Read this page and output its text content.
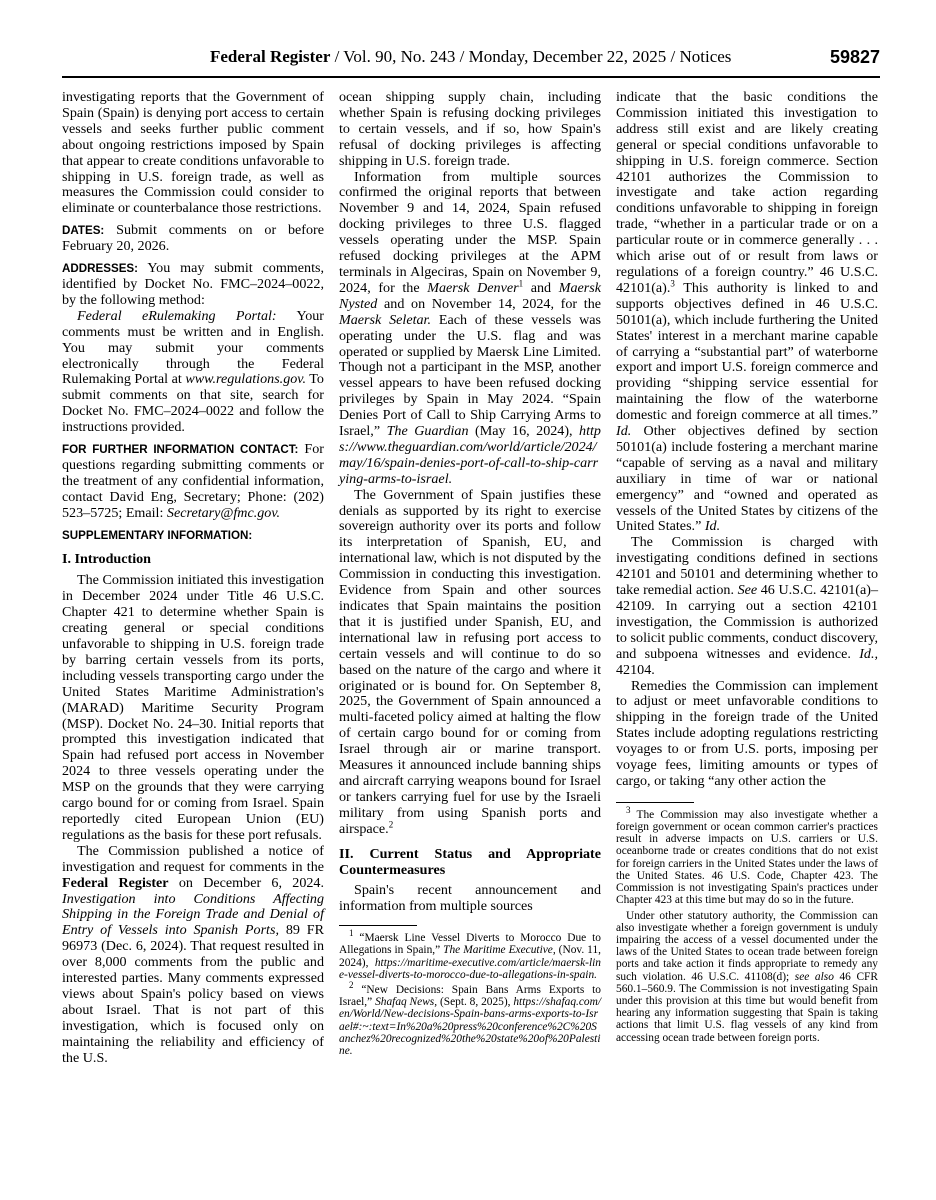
Federal Register / Vol. 90, No. 243 / Monday, December 22, 2025 / Notices	59827

investigating reports that the Government of Spain (Spain) is denying port access to certain vessels and seeks further public comment about ongoing restrictions imposed by Spain that appear to create conditions unfavorable to shipping in U.S. foreign trade, as well as measures the Commission could consider to eliminate or counterbalance those restrictions.

DATES: Submit comments on or before February 20, 2026.

ADDRESSES: You may submit comments, identified by Docket No. FMC–2024–0022, by the following method:

Federal eRulemaking Portal: Your comments must be written and in English. You may submit your comments electronically through the Federal Rulemaking Portal at www.regulations.gov. To submit comments on that site, search for Docket No. FMC–2024–0022 and follow the instructions provided.

FOR FURTHER INFORMATION CONTACT: For questions regarding submitting comments or the treatment of any confidential information, contact David Eng, Secretary; Phone: (202) 523–5725; Email: Secretary@fmc.gov.

SUPPLEMENTARY INFORMATION:

I. Introduction

The Commission initiated this investigation in December 2024 under Title 46 U.S.C. Chapter 421 to determine whether Spain is creating general or special conditions unfavorable to shipping in U.S. foreign trade by barring certain vessels from its ports, including vessels transporting cargo under the United States Maritime Administration's (MARAD) Maritime Security Program (MSP). Docket No. 24–30. Initial reports that prompted this investigation indicated that Spain had refused port access in November 2024 to three vessels operating under the MSP on the grounds that they were carrying cargo bound for or coming from Israel. Spain reportedly cited European Union (EU) regulations as the basis for these port refusals.

The Commission published a notice of investigation and request for comments in the Federal Register on December 6, 2024. Investigation into Conditions Affecting Shipping in the Foreign Trade and Denial of Entry of Vessels into Spanish Ports, 89 FR 96973 (Dec. 6, 2024). That request resulted in over 8,000 comments from the public and interested parties. Many comments expressed views about Spain's policy based on views about Israel. That is not part of this investigation, which is focused only on maintaining the reliability and efficiency of the U.S.

ocean shipping supply chain, including whether Spain is refusing docking privileges to certain vessels, and if so, how Spain's refusal of docking privileges is affecting shipping in U.S. foreign trade.

Information from multiple sources confirmed the original reports that between November 9 and 14, 2024, Spain refused docking privileges to three U.S. flagged vessels operating under the MSP. Spain refused docking privileges at the APM terminals in Algeciras, Spain on November 9, 2024, for the Maersk Denver$^1$ and Maersk Nysted and on November 14, 2024, for the Maersk Seletar. Each of these vessels was operating under the U.S. flag and was operated or supplied by Maersk Line Limited. Though not a participant in the MSP, another vessel appears to have been refused docking privileges by Spain in May 2024. “Spain Denies Port of Call to Ship Carrying Arms to Israel,” The Guardian (May 16, 2024), https://www.theguardian.com/world/article/2024/may/16/spain-denies-port-of-call-to-ship-carrying-arms-to-israel.

The Government of Spain justifies these denials as supported by its right to exercise sovereign authority over its ports and follow its interpretation of Spanish, EU, and international law, which is not disputed by the Commission in conducting this investigation. Evidence from Spain and other sources indicates that Spain maintains the position that it is justified under Spanish, EU, and international law in refusing port access to certain vessels and will continue to do so based on the nature of the cargo and where it originated or is bound for. On September 8, 2025, the Government of Spain announced a multi-faceted policy aimed at halting the flow of certain cargo bound for or coming from Israel through air or marine transport. Measures it announced include banning ships and aircraft carrying weapons bound for Israel or tankers carrying fuel for use by the Israeli military from using Spanish ports and airspace.$^2$

II. Current Status and Appropriate Countermeasures

Spain's recent announcement and information from multiple sources

$^1$ “Maersk Line Vessel Diverts to Morocco Due to Allegations in Spain,” The Maritime Executive, (Nov. 11, 2024), https://maritime-executive.com/article/maersk-line-vessel-diverts-to-morocco-due-to-allegations-in-spain.

$^2$ “New Decisions: Spain Bans Arms Exports to Israel,” Shafaq News, (Sept. 8, 2025), https://shafaq.com/en/World/New-decisions-Spain-bans-arms-exports-to-Israel#:~:text=In%20a%20press%20conference%2C%20Sanchez%20recognized%20the%20state%20of%20Palestine.

indicate that the basic conditions the Commission initiated this investigation to address still exist and are likely creating general or special conditions unfavorable to shipping in U.S. foreign commerce. Section 42101 authorizes the Commission to investigate and take action regarding conditions unfavorable to shipping in foreign trade, “whether in a particular trade or on a particular route or in commerce generally . . . which arise out of or result from laws or regulations of a foreign country.” 46 U.S.C. 42101(a).$^3$ This authority is linked to and supports objectives defined in 46 U.S.C. 50101(a), which include furthering the United States' interest in a merchant marine capable of carrying a “substantial part” of waterborne export and import U.S. foreign commerce and providing “shipping service essential for maintaining the flow of the waterborne domestic and foreign commerce at all times.” Id. Other objectives defined by section 50101(a) include fostering a merchant marine “capable of serving as a naval and military auxiliary in time of war or national emergency” and “owned and operated as vessels of the United States by citizens of the United States.” Id.

The Commission is charged with investigating conditions defined in sections 42101 and 50101 and determining whether to take remedial action. See 46 U.S.C. 42101(a)–42109. In carrying out a section 42101 investigation, the Commission is authorized to solicit public comments, conduct discovery, and subpoena witnesses and evidence. Id., 42104.

Remedies the Commission can implement to adjust or meet unfavorable conditions to shipping in the foreign trade of the United States include adopting regulations restricting voyages to or from U.S. ports, imposing per voyage fees, limiting amounts or types of cargo, or taking “any other action the

$^3$ The Commission may also investigate whether a foreign government or ocean common carrier's practices result in adverse impacts on U.S. carriers or U.S. oceanborne trade or creates conditions that do not exist for foreign carriers in the United States under the laws of the United States. 46 U.S. Code, Chapter 423. The Commission is not investigating Spain's practices under Chapter 423 at this time but may do so in the future.

Under other statutory authority, the Commission can also investigate whether a foreign government is unduly impairing the access of a vessel documented under the laws of the United States to ocean trade between foreign ports and take action it finds appropriate to remedy any such violation. 46 U.S.C. 41108(d); see also 46 CFR 560.1–560.9. The Commission is not investigating Spain under this provision at this time but would benefit from hearing any information suggesting that Spain is taking actions that limit U.S. flag vessels of any kind from accessing ocean trade between foreign ports.
